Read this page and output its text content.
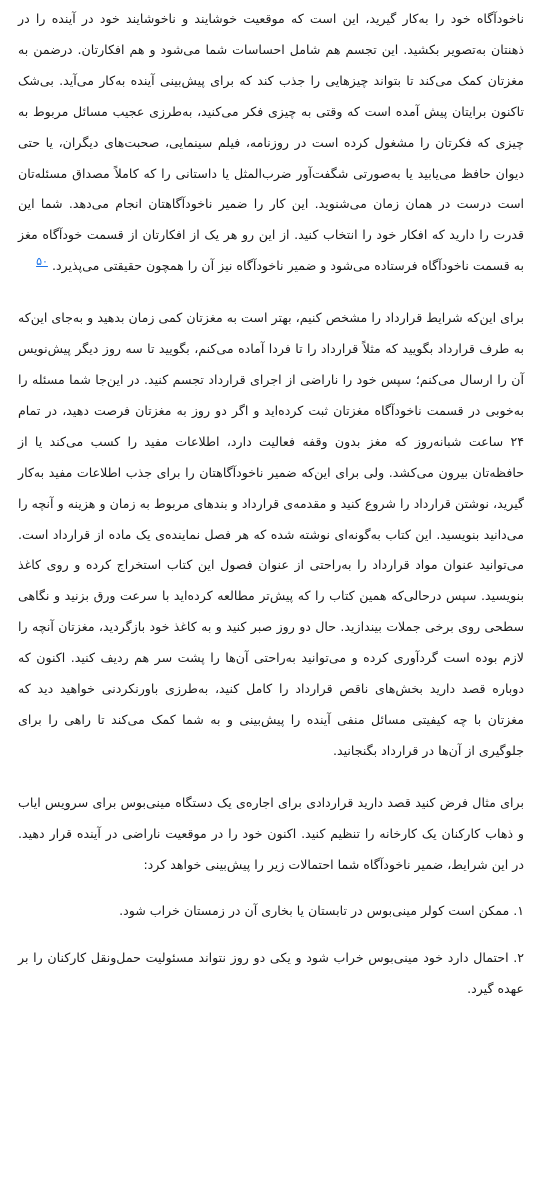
ناخودآگاه خود را به‌کار گیرید، این است که موقعیت خوشایند و ناخوشایند خود در آینده را در ذهنتان به‌تصویر بکشید. این تجسم هم شامل احساسات شما می‌شود و هم افکارتان. درضمن به مغزتان کمک می‌کند تا بتواند چیزهایی را جذب کند که برای پیش‌بینی آینده به‌کار می‌آید. بی‌شک تاکنون برایتان پیش آمده است که وقتی به چیزی فکر می‌کنید، به‌طرزی عجیب مسائل مربوط به چیزی که فکرتان را مشغول کرده است در روزنامه، فیلم سینمایی، صحبت‌های دیگران، یا حتی دیوان حافظ می‌یابید یا به‌صورتی شگفت‌آور ضرب‌المثل یا داستانی را که کاملاً مصداق مسئله‌تان است درست در همان زمان می‌شنوید. این کار را ضمیر ناخودآگاهتان انجام می‌دهد. شما این قدرت را دارید که افکار خود را انتخاب کنید. از این رو هر یک از افکارتان از قسمت خودآگاه مغز به قسمت ناخودآگاه فرستاده می‌شود و ضمیر ناخودآگاه نیز آن را همچون حقیقتی می‌پذیرد. ۵۰

برای این‌که شرایط قرارداد را مشخص کنیم، بهتر است به مغزتان کمی زمان بدهید و به‌جای این‌که به طرف قرارداد بگویید که مثلاً قرارداد را تا فردا آماده می‌کنم، بگویید تا سه روز دیگر پیش‌نویس آن را ارسال می‌کنم؛ سپس خود را ناراضی از اجرای قرارداد تجسم کنید. در این‌جا شما مسئله را به‌خوبی در قسمت ناخودآگاه مغزتان ثبت کرده‌اید و اگر دو روز به مغزتان فرصت دهید، در تمام ۲۴ ساعت شبانه‌روز که مغز بدون وقفه فعالیت دارد، اطلاعات مفید را کسب می‌کند یا از حافظه‌تان بیرون می‌کشد. ولی برای این‌که ضمیر ناخودآگاهتان را برای جذب اطلاعات مفید به‌کار گیرید، نوشتن قرارداد را شروع کنید و مقدمه‌ی قرارداد و بندهای مربوط به زمان و هزینه و آنچه را می‌دانید بنویسید. این کتاب به‌گونه‌ای نوشته شده که هر فصل نماینده‌ی یک ماده از قرارداد است. می‌توانید عنوان مواد قرارداد را به‌راحتی از عنوان فصول این کتاب استخراج کرده و روی کاغذ بنویسید. سپس درحالی‌که همین کتاب را که پیش‌تر مطالعه کرده‌اید با سرعت ورق بزنید و نگاهی سطحی روی برخی جملات بیندازید. حال دو روز صبر کنید و به کاغذ خود بازگردید، مغزتان آنچه را لازم بوده است گردآوری کرده و می‌توانید به‌راحتی آن‌ها را پشت سر هم ردیف کنید. اکنون که دوباره قصد دارید بخش‌های ناقص قرارداد را کامل کنید، به‌طرزی باورنکردنی خواهید دید که مغزتان با چه کیفیتی مسائل منفی آینده را پیش‌بینی و به شما کمک می‌کند تا راهی را برای جلوگیری از آن‌ها در قرارداد بگنجانید.

برای مثال فرض کنید قصد دارید قراردادی برای اجاره‌ی یک دستگاه مینی‌بوس برای سرویس ایاب و ذهاب کارکنان یک کارخانه را تنظیم کنید. اکنون خود را در موقعیت ناراضی در آینده قرار دهید. در این شرایط، ضمیر ناخودآگاه شما احتمالات زیر را پیش‌بینی خواهد کرد:

۱. ممکن است کولر مینی‌بوس در تابستان یا بخاری آن در زمستان خراب شود.

۲. احتمال دارد خود مینی‌بوس خراب شود و یکی دو روز نتواند مسئولیت حمل‌ونقل کارکنان را بر عهده گیرد.
